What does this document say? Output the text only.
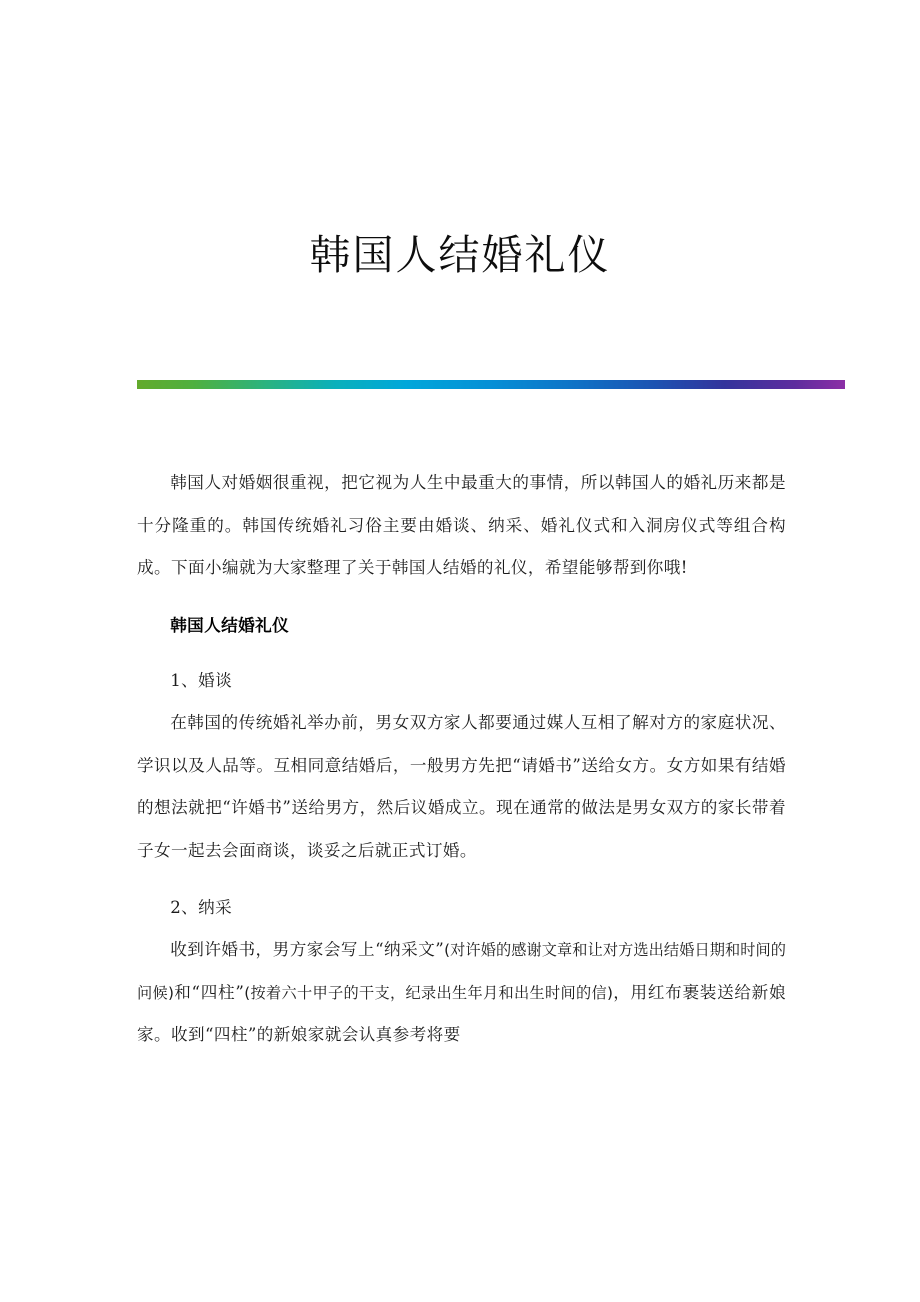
韩国人结婚礼仪

韩国人对婚姻很重视，把它视为人生中最重大的事情，所以韩国人的婚礼历来都是十分隆重的。韩国传统婚礼习俗主要由婚谈、纳采、婚礼仪式和入洞房仪式等组合构成。下面小编就为大家整理了关于韩国人结婚的礼仪，希望能够帮到你哦!

韩国人结婚礼仪

1、婚谈

在韩国的传统婚礼举办前，男女双方家人都要通过媒人互相了解对方的家庭状况、学识以及人品等。互相同意结婚后，一般男方先把“请婚书”送给女方。女方如果有结婚的想法就把“许婚书”送给男方，然后议婚成立。现在通常的做法是男女双方的家长带着子女一起去会面商谈，谈妥之后就正式订婚。

2、纳采

收到许婚书，男方家会写上“纳采文”(对许婚的感谢文章和让对方选出结婚日期和时间的问候)和“四柱”(按着六十甲子的干支，纪录出生年月和出生时间的信)，用红布裹装送给新娘家。收到“四柱”的新娘家就会认真参考将要
